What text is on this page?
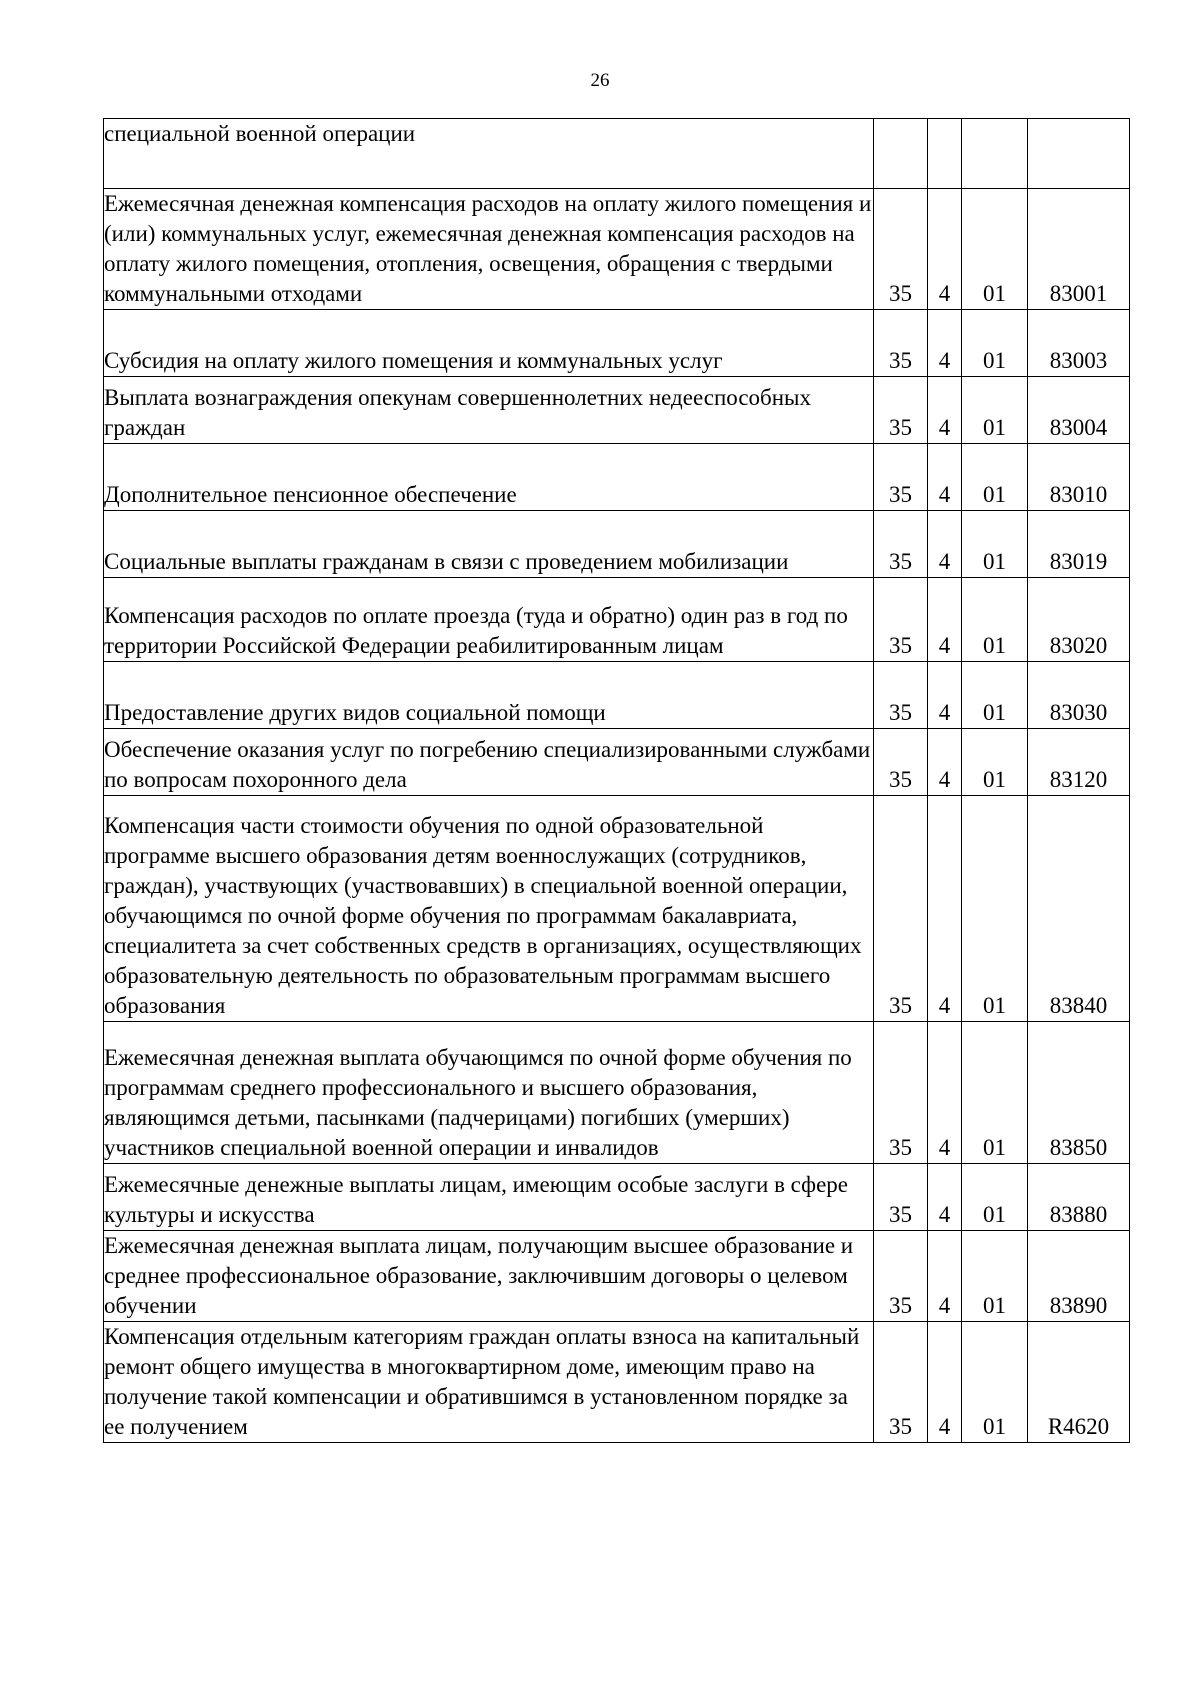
26
специальной военной операции				
Ежемесячная денежная компенсация расходов на оплату жилого помещения и (или) коммунальных услуг, ежемесячная денежная компенсация расходов на оплату жилого помещения, отопления, освещения, обращения с твердыми коммунальными отходами	35	4	01	83001
Субсидия на оплату жилого помещения и коммунальных услуг	35	4	01	83003
Выплата вознаграждения опекунам совершеннолетних недееспособных граждан	35	4	01	83004
Дополнительное пенсионное обеспечение	35	4	01	83010
Социальные выплаты гражданам в связи с проведением мобилизации	35	4	01	83019
Компенсация расходов по оплате проезда (туда и обратно) один раз в год по территории Российской Федерации реабилитированным лицам	35	4	01	83020
Предоставление других видов социальной помощи	35	4	01	83030
Обеспечение оказания услуг по погребению специализированными службами по вопросам похоронного дела	35	4	01	83120
Компенсация части стоимости обучения по одной образовательной программе высшего образования детям военнослужащих (сотрудников, граждан), участвующих (участвовавших) в специальной военной операции, обучающимся по очной форме обучения по программам бакалавриата, специалитета за счет собственных средств в организациях, осуществляющих образовательную деятельность по образовательным программам высшего образования	35	4	01	83840
Ежемесячная денежная выплата обучающимся по очной форме обучения по программам среднего профессионального и высшего образования, являющимся детьми, пасынками (падчерицами) погибших (умерших) участников специальной военной операции и инвалидов	35	4	01	83850
Ежемесячные денежные выплаты лицам, имеющим особые заслуги в сфере культуры и искусства	35	4	01	83880
Ежемесячная денежная выплата лицам, получающим высшее образование и среднее профессиональное образование, заключившим договоры о целевом обучении	35	4	01	83890
Компенсация отдельным категориям граждан оплаты взноса на капитальный ремонт общего имущества в многоквартирном доме, имеющим право на получение такой компенсации и обратившимся в установленном порядке за ее получением	35	4	01	R4620
